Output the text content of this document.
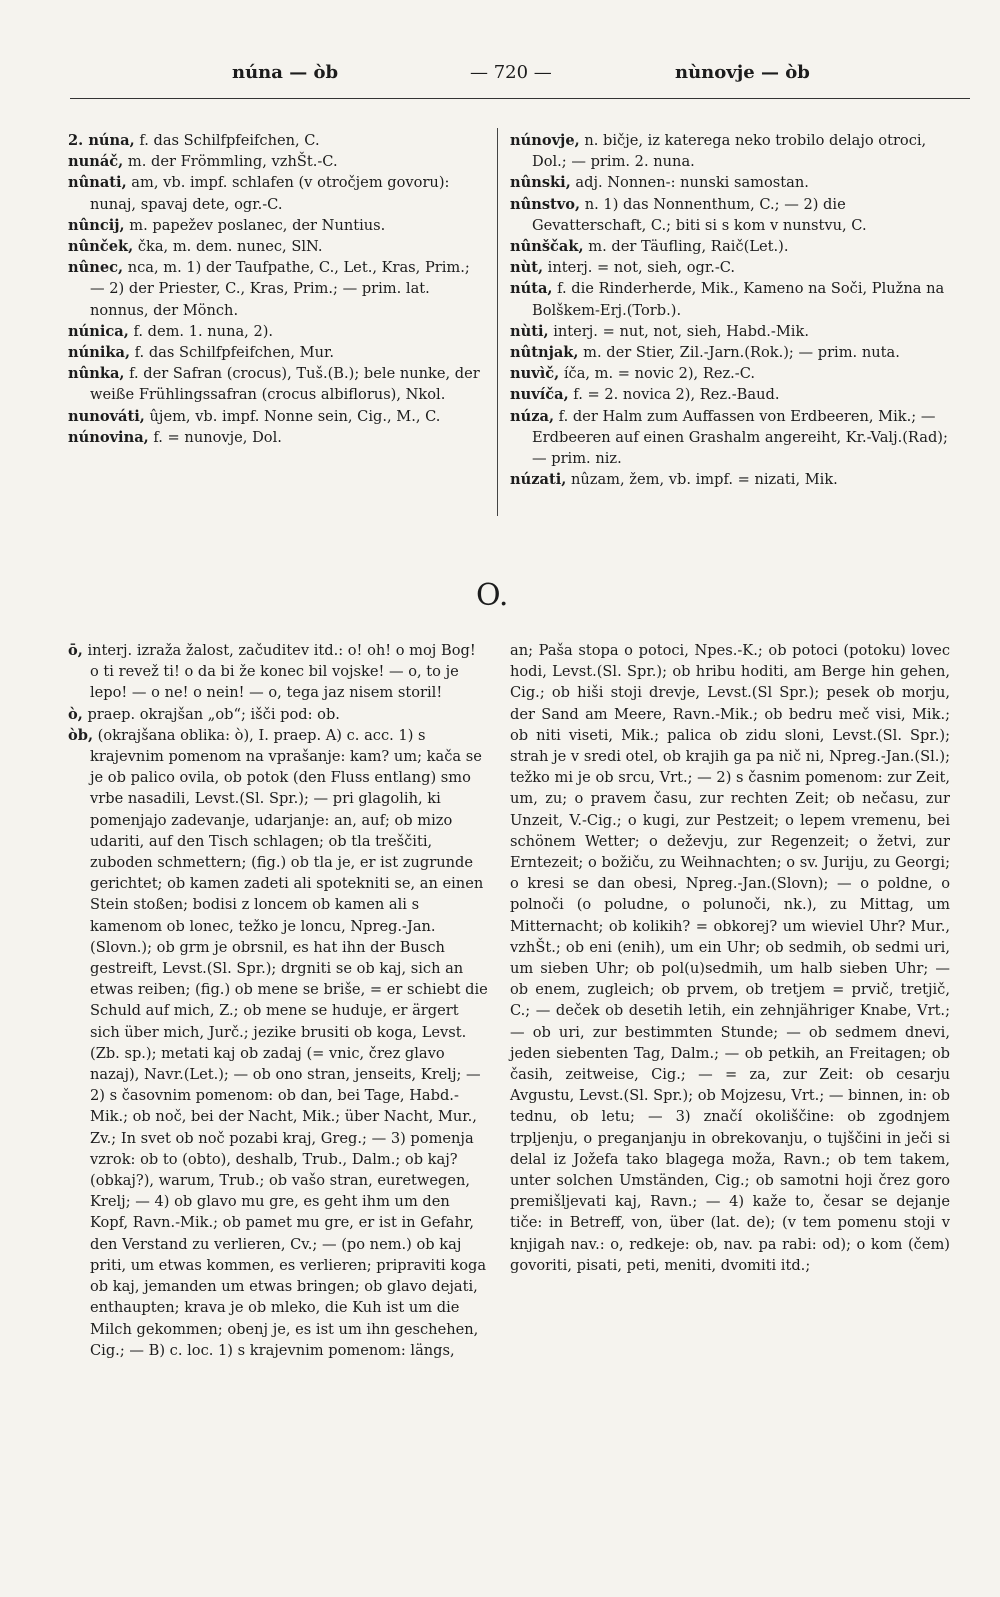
núna — òb	— 720 —	nùnovje — òb

2. núna, f. das Schilfpfeifchen, C.

nunáč, m. der Frömmling, vzhŠt.-C.

nûnati, am, vb. impf. schlafen (v otročjem govoru): nunaj, spavaj dete, ogr.-C.

nûncij, m. papežev poslanec, der Nuntius.

nûnček, čka, m. dem. nunec, SlN.

nûnec, nca, m. 1) der Taufpathe, C., Let., Kras, Prim.; — 2) der Priester, C., Kras, Prim.; — prim. lat. nonnus, der Mönch.

núnica, f. dem. 1. nuna, 2).

núnika, f. das Schilfpfeifchen, Mur.

nûnka, f. der Safran (crocus), Tuš.(B.); bele nunke, der weiße Frühlingssafran (crocus albiflorus), Nkol.

nunováti, ûjem, vb. impf. Nonne sein, Cig., M., C.

núnovina, f. = nunovje, Dol.

núnovje, n. bičje, iz katerega neko trobilo delajo otroci, Dol.; — prim. 2. nuna.

nûnski, adj. Nonnen-: nunski samostan.

nûnstvo, n. 1) das Nonnenthum, C.; — 2) die Gevatterschaft, C.; biti si s kom v nunstvu, C.

nûnščak, m. der Täufling, Raič(Let.).

nùt, interj. = not, sieh, ogr.-C.

núta, f. die Rinderherde, Mik., Kameno na Soči, Plužna na Bolškem-Erj.(Torb.).

nùti, interj. = nut, not, sieh, Habd.-Mik.

nûtnjak, m. der Stier, Zil.-Jarn.(Rok.); — prim. nuta.

nuvìč, íča, m. = novic 2), Rez.-C.

nuvíča, f. = 2. novica 2), Rez.-Baud.

núza, f. der Halm zum Auffassen von Erdbeeren, Mik.; — Erdbeeren auf einen Grashalm angereiht, Kr.-Valj.(Rad); — prim. niz.

núzati, nûzam, žem, vb. impf. = nizati, Mik.

O.

ō, interj. izraža žalost, začuditev itd.: o! oh! o moj Bog! o ti revež ti! o da bi že konec bil vojske! — o, to je lepo! — o ne! o nein! — o, tega jaz nisem storil!

ò, praep. okrajšan „ob“; išči pod: ob.

òb, (okrajšana oblika: ò), I. praep. A) c. acc. 1) s krajevnim pomenom na vprašanje: kam? um; kača se je ob palico ovila, ob potok (den Fluss entlang) smo vrbe nasadili, Levst.(Sl. Spr.); — pri glagolih, ki pomenjajo zadevanje, udarjanje: an, auf; ob mizo udariti, auf den Tisch schlagen; ob tla treščiti, zuboden schmettern; (fig.) ob tla je, er ist zugrunde gerichtet; ob kamen zadeti ali spotekniti se, an einen Stein stoßen; bodisi z loncem ob kamen ali s kamenom ob lonec, težko je loncu, Npreg.-Jan.(Slovn.); ob grm je obrsnil, es hat ihn der Busch gestreift, Levst.(Sl. Spr.); drgniti se ob kaj, sich an etwas reiben; (fig.) ob mene se briše, = er schiebt die Schuld auf mich, Z.; ob mene se huduje, er ärgert sich über mich, Jurč.; jezike brusiti ob koga, Levst.(Zb. sp.); metati kaj ob zadaj (= vnic, črez glavo nazaj), Navr.(Let.); — ob ono stran, jenseits, Krelj; — 2) s časovnim pomenom: ob dan, bei Tage, Habd.-Mik.; ob noč, bei der Nacht, Mik.; über Nacht, Mur., Zv.; In svet ob noč pozabi kraj, Greg.; — 3) pomenja vzrok: ob to (obto), deshalb, Trub., Dalm.; ob kaj? (obkaj?), warum, Trub.; ob vašo stran, euretwegen, Krelj; — 4) ob glavo mu gre, es geht ihm um den Kopf, Ravn.-Mik.; ob pamet mu gre, er ist in Gefahr, den Verstand zu verlieren, Cv.; — (po nem.) ob kaj priti, um etwas kommen, es verlieren; pripraviti koga ob kaj, jemanden um etwas bringen; ob glavo dejati, enthaupten; krava je ob mleko, die Kuh ist um die Milch gekommen; obenj je, es ist um ihn geschehen, Cig.; — B) c. loc. 1) s krajevnim pomenom: längs,

an; Paša stopa o potoci, Npes.-K.; ob potoci (potoku) lovec hodi, Levst.(Sl. Spr.); ob hribu hoditi, am Berge hin gehen, Cig.; ob hiši stoji drevje, Levst.(Sl Spr.); pesek ob morju, der Sand am Meere, Ravn.-Mik.; ob bedru meč visi, Mik.; ob niti viseti, Mik.; palica ob zidu sloni, Levst.(Sl. Spr.); strah je v sredi otel, ob krajih ga pa nič ni, Npreg.-Jan.(Sl.); težko mi je ob srcu, Vrt.; — 2) s časnim pomenom: zur Zeit, um, zu; o pravem času, zur rechten Zeit; ob nečasu, zur Unzeit, V.-Cig.; o kugi, zur Pestzeit; o lepem vremenu, bei schönem Wetter; o deževju, zur Regenzeit; o žetvi, zur Erntezeit; o božiču, zu Weihnachten; o sv. Juriju, zu Georgi; o kresi se dan obesi, Npreg.-Jan.(Slovn); — o poldne, o polnoči (o poludne, o polunoči, nk.), zu Mittag, um Mitternacht; ob kolikih? = obkorej? um wieviel Uhr? Mur., vzhŠt.; ob eni (enih), um ein Uhr; ob sedmih, ob sedmi uri, um sieben Uhr; ob pol(u)sedmih, um halb sieben Uhr; — ob enem, zugleich; ob prvem, ob tretjem = prvič, tretjič, C.; — deček ob desetih letih, ein zehnjähriger Knabe, Vrt.; — ob uri, zur bestimmten Stunde; — ob sedmem dnevi, jeden siebenten Tag, Dalm.; — ob petkih, an Freitagen; ob časih, zeitweise, Cig.; — = za, zur Zeit: ob cesarju Avgustu, Levst.(Sl. Spr.); ob Mojzesu, Vrt.; — binnen, in: ob tednu, ob letu; — 3) značí okoliščine: ob zgodnjem trpljenju, o preganjanju in obrekovanju, o tujščini in ječi si delal iz Jožefa tako blagega moža, Ravn.; ob tem takem, unter solchen Umständen, Cig.; ob samotni hoji črez goro premišljevati kaj, Ravn.; — 4) kaže to, česar se dejanje tiče: in Betreff, von, über (lat. de); (v tem pomenu stoji v knjigah nav.: o, redkeje: ob, nav. pa rabi: od); o kom (čem) govoriti, pisati, peti, meniti, dvomiti itd.;
